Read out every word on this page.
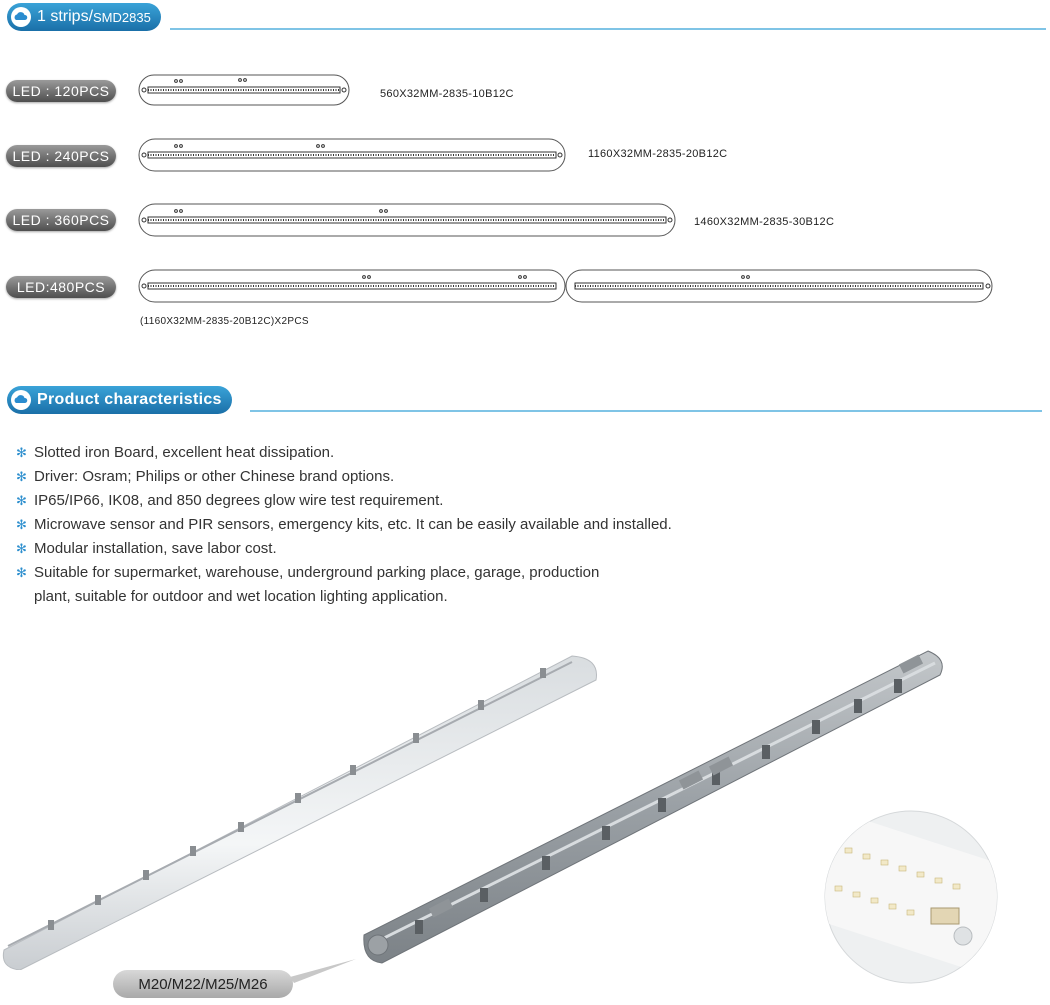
1 strips/ SMD2835
LED : 120PCS	560X32MM-2835-10B12C
LED : 240PCS	1160X32MM-2835-20B12C
LED : 360PCS	1460X32MM-2835-30B12C
LED:480PCS
(1160X32MM-2835-20B12C)X2PCS
Product characteristics
✻ Slotted iron Board, excellent heat dissipation.
✻ Driver: Osram; Philips or other Chinese brand options.
✻ IP65/IP66, IK08, and 850 degrees glow wire test requirement.
✻ Microwave sensor and PIR sensors, emergency kits, etc. It can be easily available and installed.
✻ Modular installation, save labor cost.
✻ Suitable for supermarket, warehouse, underground parking place, garage, production
plant, suitable for outdoor and wet location lighting application.
M20/M22/M25/M26
